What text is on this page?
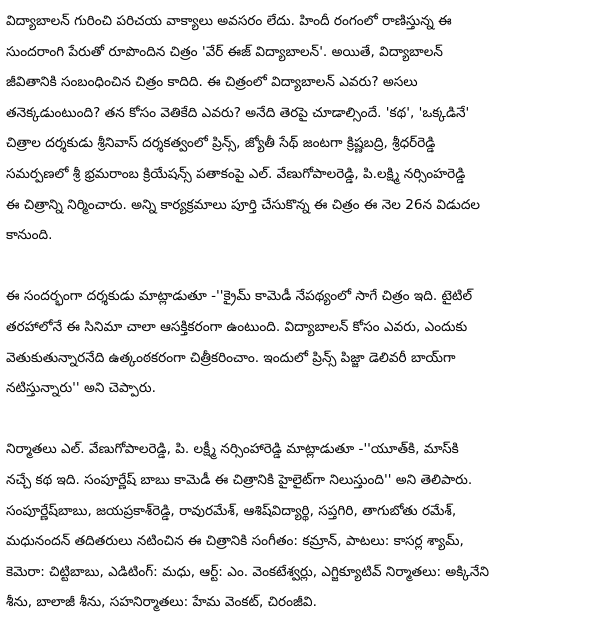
విద్యాబాలన్ గురించి పరిచయ వాక్యాలు అవసరం లేదు. హిందీ రంగంలో రాణిస్తున్న ఈ
సుందరాంగి పేరుతో రూపొందిన చిత్రం 'వేర్ ఈజ్ విద్యాబాలన్'. అయితే, విద్యాబాలన్
జీవితానికి సంబంధించిన చిత్రం కాదిది. ఈ చిత్రంలో విద్యాబాలన్ ఎవరు? అసలు
తనెక్కడుంటుంది? తన కోసం వెతికేది ఎవరు? అనేది తెరపై చూడాల్సిందే. 'కథ', 'ఒక్కడినే'
చిత్రాల దర్శకుడు శ్రీనివాస్ దర్శకత్వంలో ప్రిన్స్, జ్యోతీ సేథ్ జంటగా క్రిష్ణబద్రి, శ్రీధర్‌రెడ్డి
సమర్పణలో శ్రీ భ్రమరాంబ క్రియేషన్స్ పతాకంపై ఎల్. వేణుగోపాలరెడ్డి, పి.లక్ష్మి నర్సింహరెడ్డి
ఈ చిత్రాన్ని నిర్మించారు. అన్ని కార్యక్రమాలు పూర్తి చేసుకొన్న ఈ చిత్రం ఈ నెల 26న విడుదల
కానుంది.
ఈ సందర్భంగా దర్శకుడు మాట్లాడుతూ -''క్రైమ్ కామెడీ నేపథ్యంలో సాగే చిత్రం ఇది. టైటిల్
తరహాలోనే ఈ సినిమా చాలా ఆసక్తికరంగా ఉంటుంది. విద్యాబాలన్ కోసం ఎవరు, ఎందుకు
వెతుకుతున్నారనేది ఉత్కంఠకరంగా చిత్రీకరించాం. ఇందులో ప్రిన్స్ పిజ్జా డెలివరీ బాయ్‌గా
నటిస్తున్నారు'' అని చెప్పారు.
నిర్మాతలు ఎల్. వేణుగోపాలరెడ్డి, పి. లక్ష్మీ నర్సింహారెడ్డి మాట్లాడుతూ -''యూత్‌కి, మాస్‌కి
నచ్చే కథ ఇది. సంపూర్ణేష్ బాబు కామెడీ ఈ చిత్రానికి హైలైట్‌గా నిలుస్తుంది'' అని తెలిపారు.
సంపూర్ణేష్‌బాబు, జయప్రకాశ్‌రెడ్డి, రావురమేశ్, ఆశిష్‌విద్యార్థి, సప్తగిరి, తాగుబోతు రమేశ్,
మధునందన్ తదితరులు నటించిన ఈ చిత్రానికి సంగీతం: కమ్రాన్, పాటలు: కాసర్ల శ్యామ్,
కెమెరా: చిట్టిబాబు, ఎడిటింగ్: మధు, ఆర్ట్: ఎం. వెంకటేశ్వర్లు, ఎగ్జిక్యూటివ్ నిర్మాతలు: అక్కినేని
శీను, బాలాజీ శీను, సహనిర్మాతలు: హేమ వెంకట్, చిరంజీవి.
